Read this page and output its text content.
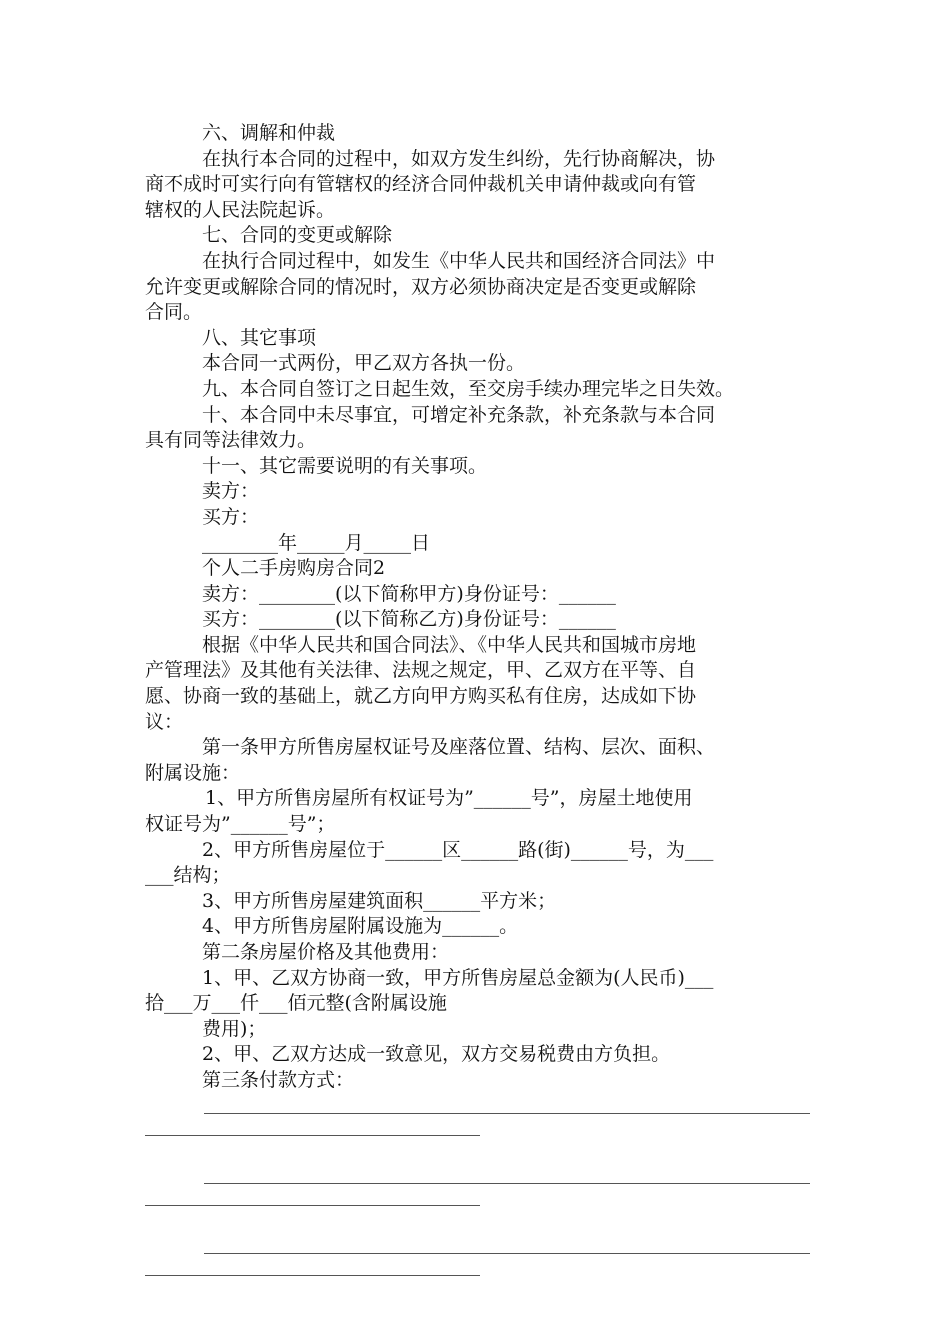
六、调解和仲裁
在执行本合同的过程中，如双方发生纠纷，先行协商解决，协
商不成时可实行向有管辖权的经济合同仲裁机关申请仲裁或向有管
辖权的人民法院起诉。
七、合同的变更或解除
在执行合同过程中，如发生《中华人民共和国经济合同法》中
允许变更或解除合同的情况时，双方必须协商决定是否变更或解除
合同。
八、其它事项
本合同一式两份，甲乙双方各执一份。
九、本合同自签订之日起生效，至交房手续办理完毕之日失效。
十、本合同中未尽事宜，可增定补充条款，补充条款与本合同
具有同等法律效力。
十一、其它需要说明的有关事项。
卖方：
买方：
________年_____月_____日
个人二手房购房合同2
卖方：________(以下简称甲方)身份证号：______
买方：________(以下简称乙方)身份证号：______
根据《中华人民共和国合同法》、《中华人民共和国城市房地
产管理法》及其他有关法律、法规之规定，甲、乙双方在平等、自
愿、协商一致的基础上，就乙方向甲方购买私有住房，达成如下协
议：
第一条甲方所售房屋权证号及座落位置、结构、层次、面积、
附属设施：
1、甲方所售房屋所有权证号为”______号”，房屋土地使用
权证号为”______号”；
2、甲方所售房屋位于______区______路(街)______号，为___
___结构；
3、甲方所售房屋建筑面积______平方米；
4、甲方所售房屋附属设施为______。
第二条房屋价格及其他费用：
1、甲、乙双方协商一致，甲方所售房屋总金额为(人民币)___
拾___万___仟___佰元整(含附属设施
费用)；
2、甲、乙双方达成一致意见，双方交易税费由方负担。
第三条付款方式：
